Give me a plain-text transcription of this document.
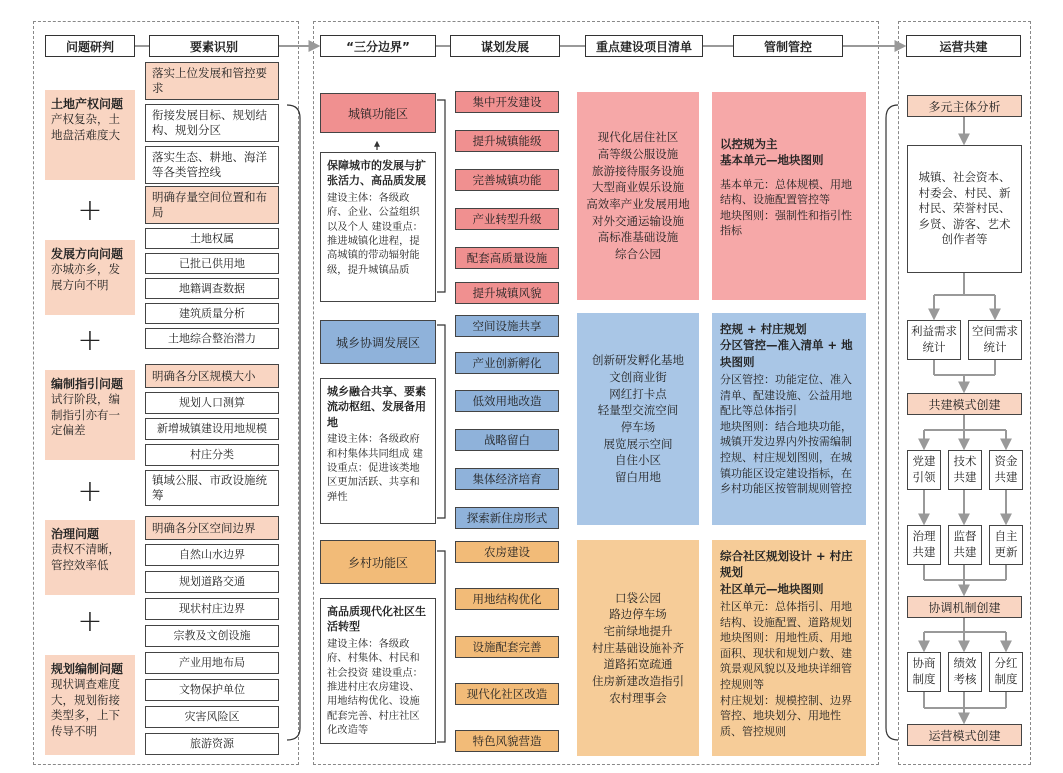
问题研判	要素识别	“三分边界”	谋划发展	重点建设项目清单	管制管控	运营共建
土地产权问题
产权复杂，土地盘活难度大
+
发展方向问题
亦城亦乡，发展方向不明
+
编制指引问题
试行阶段，编制指引亦有一定偏差
+
治理问题
责权不清晰，管控效率低
+
规划编制问题
现状调查难度大，规划衔接类型多，上下传导不明
落实上位发展和管控要求
衔接发展目标、规划结构、规划分区
落实生态、耕地、海洋等各类管控线
明确存量空间位置和布局
土地权属
已批已供用地
地籍调查数据
建筑质量分析
土地综合整治潜力
明确各分区规模大小
规划人口测算
新增城镇建设用地规模
村庄分类
镇域公服、市政设施统筹
明确各分区空间边界
自然山水边界
规划道路交通
现状村庄边界
宗教及文创设施
产业用地布局
文物保护单位
灾害风险区
旅游资源
城镇功能区
保障城市的发展与扩张活力、高品质发展
建设主体：各级政府、企业、公益组织以及个人 建设重点：推进城镇化进程，提高城镇的带动辐射能级，提升城镇品质
城乡协调发展区
城乡融合共享、要素流动枢纽、发展备用地
建设主体：各级政府和村集体共同组成 建设重点：促进该类地区更加活跃、共享和弹性
乡村功能区
高品质现代化社区生活转型
建设主体：各级政府、村集体、村民和社会投资 建设重点：推进村庄农房建设、用地结构优化、设施配套完善、村庄社区化改造等
集中开发建设
提升城镇能级
完善城镇功能
产业转型升级
配套高质量设施
提升城镇风貌
空间设施共享
产业创新孵化
低效用地改造
战略留白
集体经济培育
探索新住房形式
农房建设
用地结构优化
设施配套完善
现代化社区改造
特色风貌营造
现代化居住社区
高等级公服设施
旅游接待服务设施
大型商业娱乐设施
高效率产业发展用地
对外交通运输设施
高标准基础设施
综合公园
创新研发孵化基地
文创商业街
网红打卡点
轻量型交流空间
停车场
展览展示空间
自住小区
留白用地
口袋公园
路边停车场
宅前绿地提升
村庄基础设施补齐
道路拓宽疏通
住房新建改造指引
农村理事会
以控规为主
基本单元—地块图则
基本单元：总体规模、用地结构、设施配置管控等
地块图则：强制性和指引性指标
控规 + 村庄规划
分区管控—准入清单 + 地块图则
分区管控：功能定位、准入清单、配建设施、公益用地配比等总体指引
地块图则：结合地块功能，城镇开发边界内外按需编制控规、村庄规划图则，在城镇功能区设定建设指标，在乡村功能区按管制规则管控
综合社区规划设计 + 村庄规划
社区单元—地块图则
社区单元：总体指引、用地结构、设施配置、道路规划
地块图则：用地性质、用地面积、现状和规划户数、建筑景观风貌以及地块详细管控规则等
村庄规划：规模控制、边界管控、地块划分、用地性质、管控规则
多元主体分析
城镇、社会资本、村委会、村民、新村民、荣誉村民、乡贤、游客、艺术创作者等
利益需求统计
空间需求统计
共建模式创建
党建引领
技术共建
资金共建
治理共建
监督共建
自主更新
协调机制创建
协商制度
绩效考核
分红制度
运营模式创建
